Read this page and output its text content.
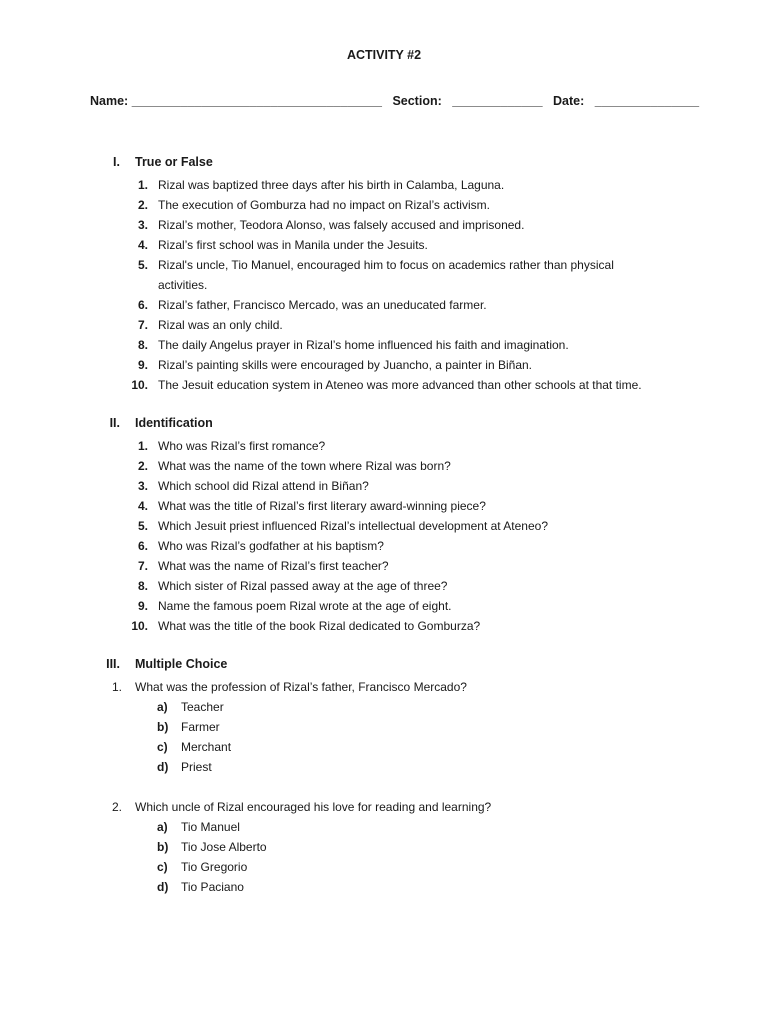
ACTIVITY #2
Name: ____________________________________ Section: _____________ Date: _______________
I. True or False
1. Rizal was baptized three days after his birth in Calamba, Laguna.
2. The execution of Gomburza had no impact on Rizal’s activism.
3. Rizal’s mother, Teodora Alonso, was falsely accused and imprisoned.
4. Rizal’s first school was in Manila under the Jesuits.
5. Rizal's uncle, Tio Manuel, encouraged him to focus on academics rather than physical activities.
6. Rizal’s father, Francisco Mercado, was an uneducated farmer.
7. Rizal was an only child.
8. The daily Angelus prayer in Rizal’s home influenced his faith and imagination.
9. Rizal’s painting skills were encouraged by Juancho, a painter in Biñan.
10. The Jesuit education system in Ateneo was more advanced than other schools at that time.
II. Identification
1. Who was Rizal’s first romance?
2. What was the name of the town where Rizal was born?
3. Which school did Rizal attend in Biñan?
4. What was the title of Rizal’s first literary award-winning piece?
5. Which Jesuit priest influenced Rizal’s intellectual development at Ateneo?
6. Who was Rizal’s godfather at his baptism?
7. What was the name of Rizal’s first teacher?
8. Which sister of Rizal passed away at the age of three?
9. Name the famous poem Rizal wrote at the age of eight.
10. What was the title of the book Rizal dedicated to Gomburza?
III. Multiple Choice
1. What was the profession of Rizal’s father, Francisco Mercado?
a) Teacher
b) Farmer
c) Merchant
d) Priest
2. Which uncle of Rizal encouraged his love for reading and learning?
a) Tio Manuel
b) Tio Jose Alberto
c) Tio Gregorio
d) Tio Paciano
